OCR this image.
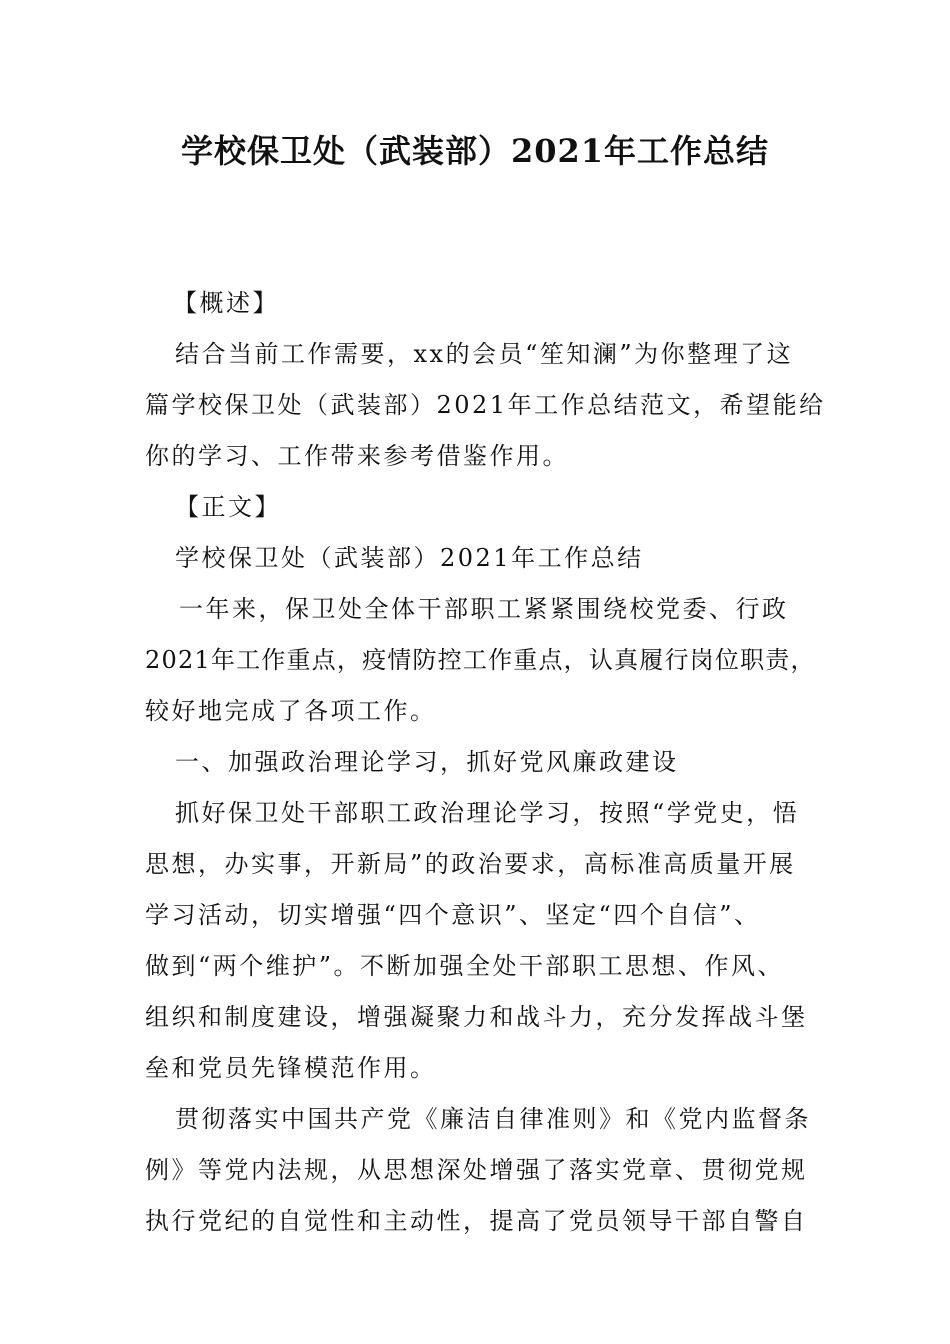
学校保卫处（武装部）2021年工作总结
【概述】
结合当前工作需要，xx的会员“笙知澜”为你整理了这
篇学校保卫处（武装部）2021年工作总结范文，希望能给
你的学习、工作带来参考借鉴作用。
【正文】
学校保卫处（武装部）2021年工作总结
一年来，保卫处全体干部职工紧紧围绕校党委、行政
2021年工作重点，疫情防控工作重点，认真履行岗位职责，
较好地完成了各项工作。
一、加强政治理论学习，抓好党风廉政建设
抓好保卫处干部职工政治理论学习，按照“学党史，悟
思想，办实事，开新局”的政治要求，高标准高质量开展
学习活动，切实增强“四个意识”、坚定“四个自信”、
做到“两个维护”。不断加强全处干部职工思想、作风、
组织和制度建设，增强凝聚力和战斗力，充分发挥战斗堡
垒和党员先锋模范作用。
贯彻落实中国共产党《廉洁自律准则》和《党内监督条
例》等党内法规，从思想深处增强了落实党章、贯彻党规
执行党纪的自觉性和主动性，提高了党员领导干部自警自
